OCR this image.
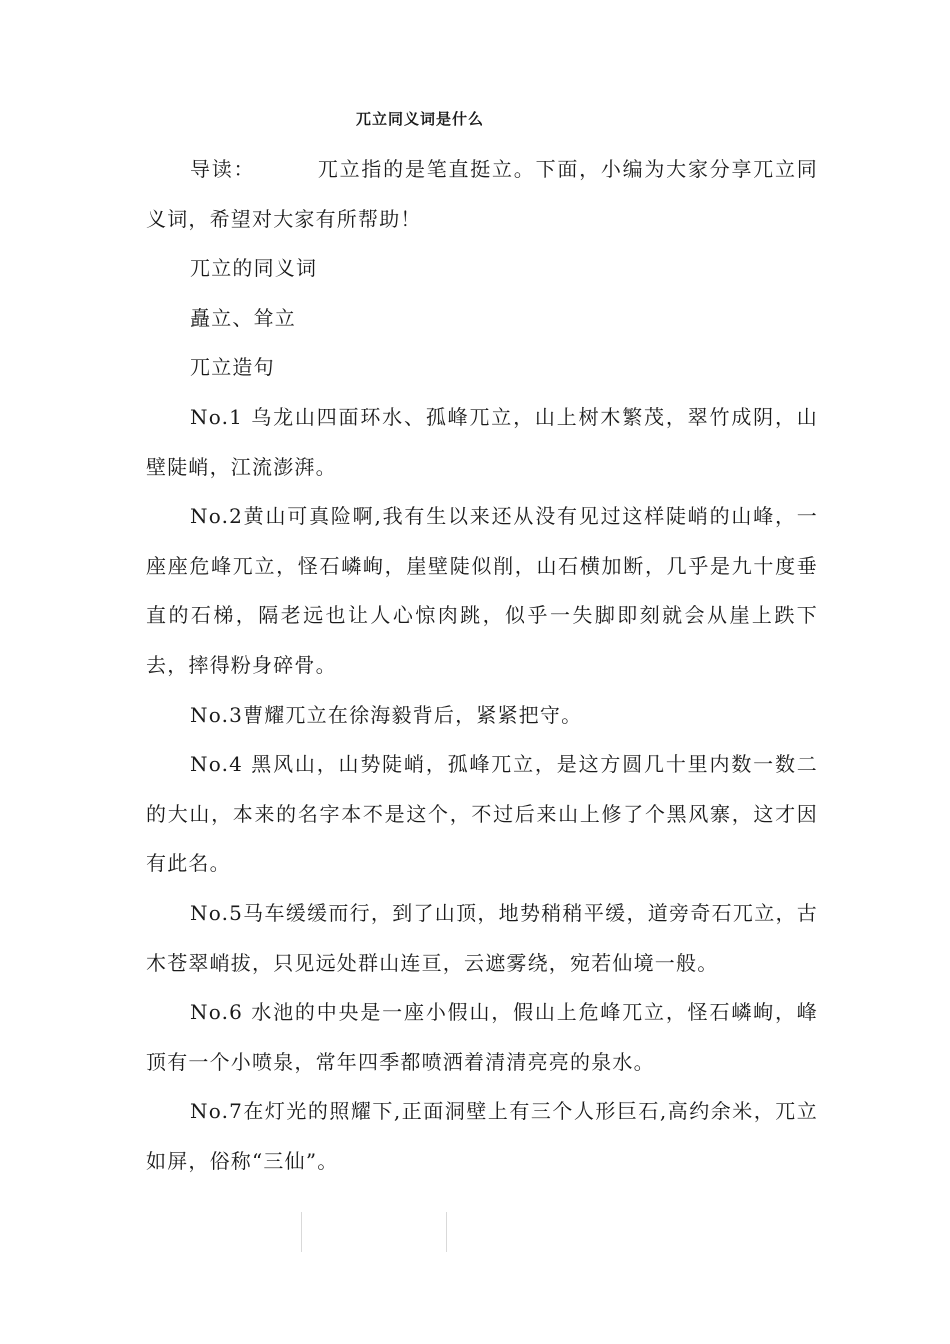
兀立同义词是什么

导读：	兀立指的是笔直挺立。下面，小编为大家分享兀立同义词，希望对大家有所帮助！

兀立的同义词

矗立、耸立

兀立造句

No.1 乌龙山四面环水、孤峰兀立，山上树木繁茂，翠竹成阴，山壁陡峭，江流澎湃。

No.2黄山可真险啊,我有生以来还从没有见过这样陡峭的山峰，一座座危峰兀立，怪石嶙峋，崖壁陡似削，山石横加断，几乎是九十度垂直的石梯，隔老远也让人心惊肉跳，似乎一失脚即刻就会从崖上跌下去，摔得粉身碎骨。

No.3曹耀兀立在徐海毅背后，紧紧把守。

No.4 黑风山，山势陡峭，孤峰兀立，是这方圆几十里内数一数二的大山，本来的名字本不是这个，不过后来山上修了个黑风寨，这才因有此名。

No.5马车缓缓而行，到了山顶，地势稍稍平缓，道旁奇石兀立，古木苍翠峭拔，只见远处群山连亘，云遮雾绕，宛若仙境一般。

No.6 水池的中央是一座小假山，假山上危峰兀立，怪石嶙峋，峰顶有一个小喷泉，常年四季都喷洒着清清亮亮的泉水。

No.7在灯光的照耀下,正面洞壁上有三个人形巨石,高约余米，兀立如屏，俗称“三仙”。
